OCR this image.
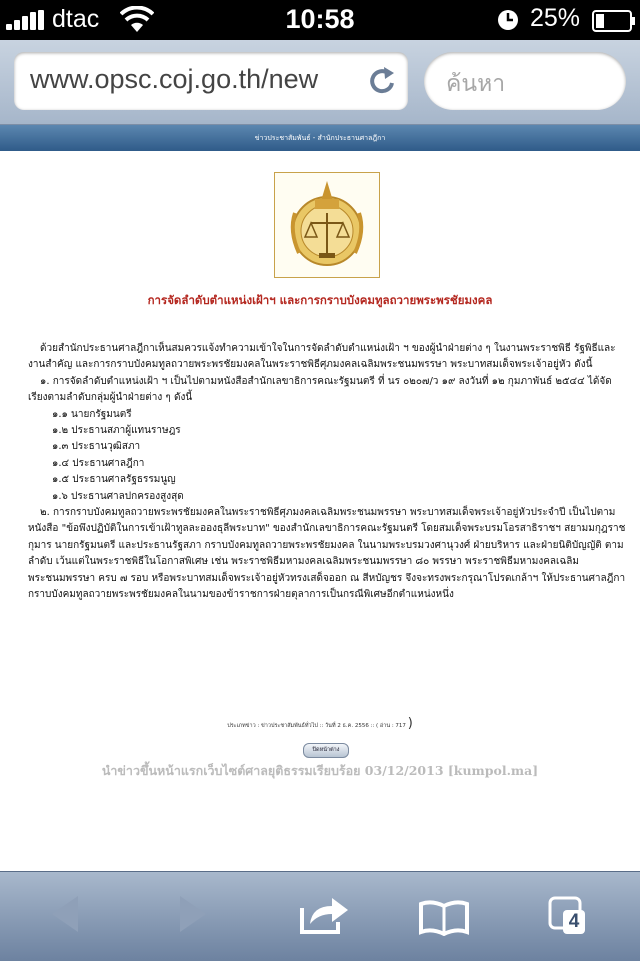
dtac	10:58	25%
www.opsc.coj.go.th/new	ค้นหา
ข่าวประชาสัมพันธ์ - สำนักประธานศาลฎีกา
การจัดลำดับตำแหน่งเฝ้าฯ และการกราบบังคมทูลถวายพระพรชัยมงคล

ด้วยสำนักประธานศาลฎีกาเห็นสมควรแจ้งทำความเข้าใจในการจัดลำดับตำแหน่งเฝ้า ฯ ของผู้นำฝ่ายต่าง ๆ ในงานพระราชพิธี รัฐพิธีและงานสำคัญ และการกราบบังคมทูลถวายพระพรชัยมงคลในพระราชพิธีศุภมงคลเฉลิมพระชนมพรรษา พระบาทสมเด็จพระเจ้าอยู่หัว ดังนี้

๑. การจัดลำดับตำแหน่งเฝ้า ฯ เป็นไปตามหนังสือสำนักเลขาธิการคณะรัฐมนตรี ที่ นร ๐๒๐๗/ว ๑๙ ลงวันที่ ๑๒ กุมภาพันธ์ ๒๕๔๔ ได้จัดเรียงตามลำดับกลุ่มผู้นำฝ่ายต่าง ๆ ดังนี้

๑.๑ นายกรัฐมนตรี
๑.๒ ประธานสภาผู้แทนราษฎร
๑.๓ ประธานวุฒิสภา
๑.๔ ประธานศาลฎีกา
๑.๕ ประธานศาลรัฐธรรมนูญ
๑.๖ ประธานศาลปกครองสูงสุด

๒. การกราบบังคมทูลถวายพระพรชัยมงคลในพระราชพิธีศุภมงคลเฉลิมพระชนมพรรษา พระบาทสมเด็จพระเจ้าอยู่หัวประจำปี เป็นไปตามหนังสือ "ข้อพึงปฏิบัติในการเข้าเฝ้าทูลละอองธุลีพระบาท" ของสำนักเลขาธิการคณะรัฐมนตรี โดยสมเด็จพระบรมโอรสาธิราชฯ สยามมกุฎราชกุมาร นายกรัฐมนตรี และประธานรัฐสภา กราบบังคมทูลถวายพระพรชัยมงคล ในนามพระบรมวงศานุวงศ์ ฝ่ายบริหาร และฝ่ายนิติบัญญัติ ตามลำดับ เว้นแต่ในพระราชพิธีในโอกาสพิเศษ เช่น พระราชพิธีมหามงคลเฉลิมพระชนมพรรษา ๘๐ พรรษา พระราชพิธีมหามงคลเฉลิมพระชนมพรรษา ครบ ๗ รอบ หรือพระบาทสมเด็จพระเจ้าอยู่หัวทรงเสด็จออก ณ สีหบัญชร จึงจะทรงพระกรุณาโปรดเกล้าฯ ให้ประธานศาลฎีกากราบบังคมทูลถวายพระพรชัยมงคลในนามของข้าราชการฝ่ายตุลาการเป็นกรณีพิเศษอีกตำแหน่งหนึ่ง

ประเภทข่าว : ข่าวประชาสัมพันธ์ทั่วไป :: วันที่ 2 ธ.ค. 2556 :: ( อ่าน : 717 )
ปิดหน้าต่าง
นำข่าวขึ้นหน้าแรกเว็บไซต์ศาลยุติธรรมเรียบร้อย 03/12/2013 [kumpol.ma]
4
